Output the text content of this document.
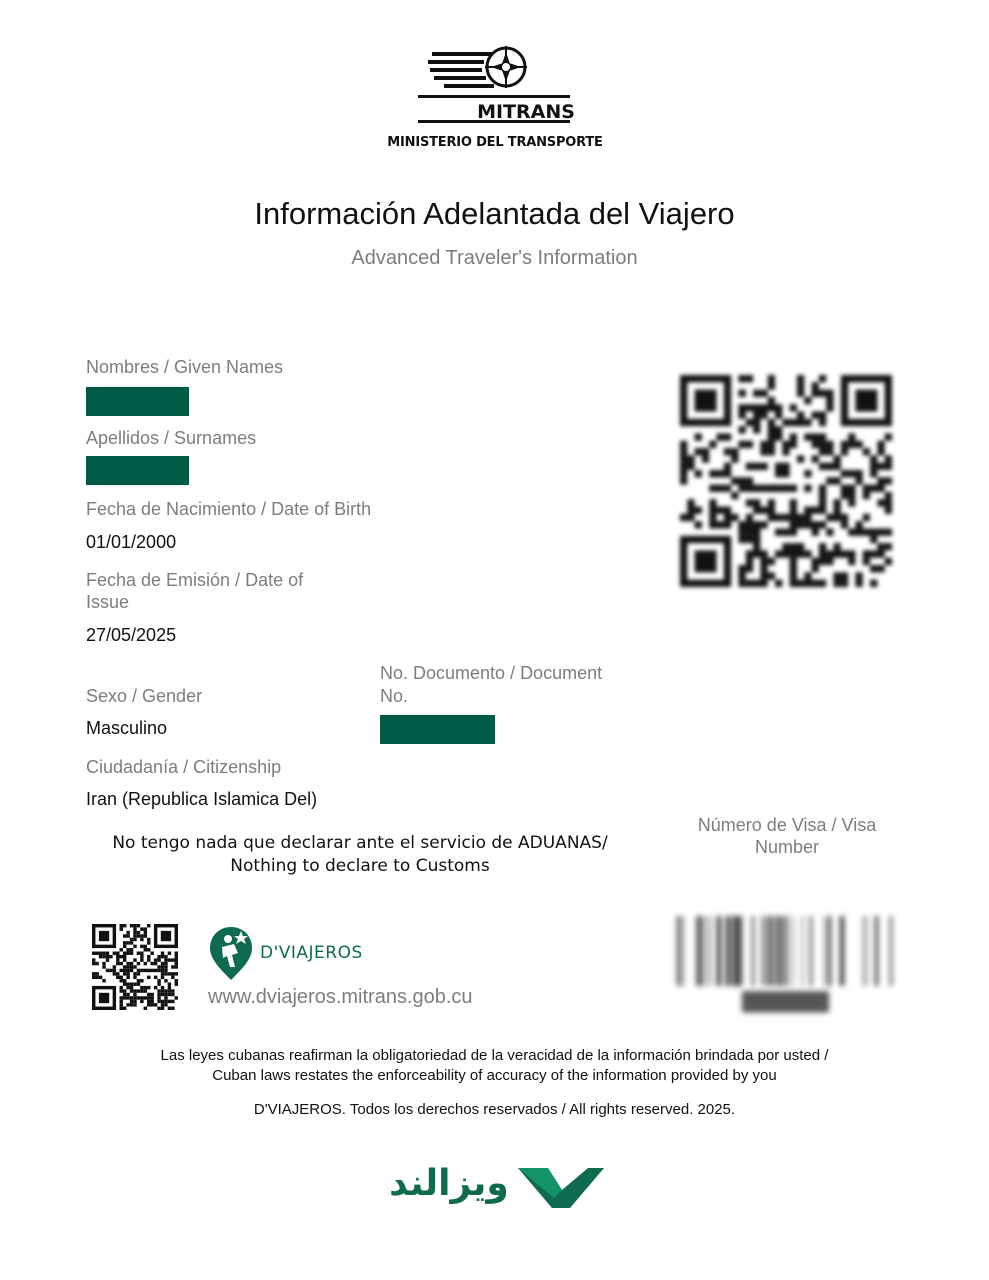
MITRANS
MINISTERIO DEL TRANSPORTE
Información Adelantada del Viajero
Advanced Traveler's Information
Nombres / Given Names
Apellidos / Surnames
Fecha de Nacimiento / Date of Birth
01/01/2000
Fecha de Emisión / Date of
Issue
27/05/2025
No. Documento / Document
No.
Sexo / Gender
Masculino
Ciudadanía / Citizenship
Iran (Republica Islamica Del)
No tengo nada que declarar ante el servicio de ADUANAS/
Nothing to declare to Customs
Número de Visa / Visa
Number
████████
D'VIAJEROS
www.dviajeros.mitrans.gob.cu
Las leyes cubanas reafirman la obligatoriedad de la veracidad de la información brindada por usted /
Cuban laws restates the enforceability of accuracy of the information provided by you
D'VIAJEROS. Todos los derechos reservados / All rights reserved. 2025.
ویزالند
